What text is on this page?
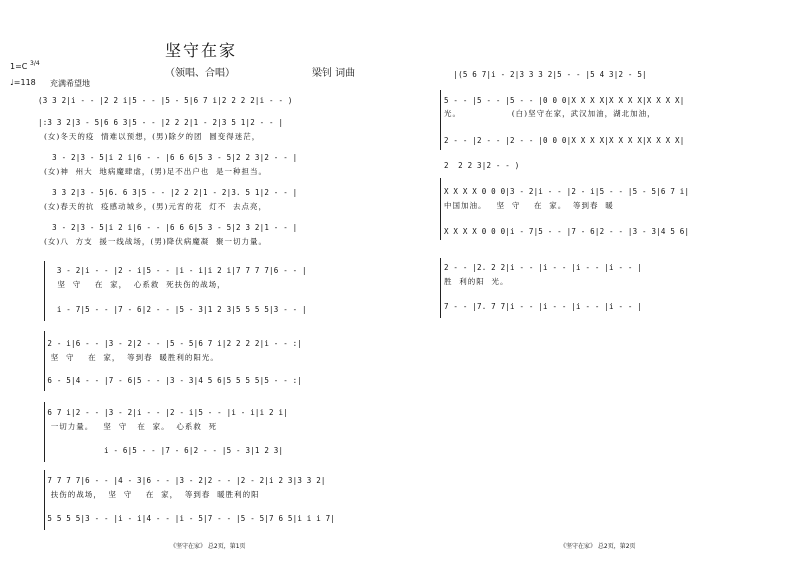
坚守在家
（领唱、合唱）	梁钊 词曲
1=C 3/4
♩=118 充满希望地
(3 3 2|i - - |2 2 i|5 - - |5 - 5|6 7 i|2 2 2 2|i - - )
|:3 3 2|3 - 5|6 6 3|5 - - |2 2 2|1 - 2|3 5 1|2 - - |
(女)冬天的疫  情难以预想，(男)除夕的团  圆变得迷茫，
3 - 2|3 - 5|i 2 i|6 - - |6 6 6|5 3 - 5|2 2 3|2 - - |
(女)神  州大  地病魔肆虐，(男)足不出户也  是一种担当。
3 3 2|3 - 5|6. 6 3|5 - - |2 2 2|1 - 2|3. 5 1|2 - - |
(女)春天的抗  疫感动城乡，(男)元宵的花  灯不  去点亮，
3 - 2|3 - 5|i 2 i|6 - - |6 6 6|5 3 - 5|2 3 2|1 - - |
(女)八  方支  援一线战场，(男)降伏病魔凝  聚一切力量。
3 - 2|i - - |2 - i|5 - - |i - i|i 2 i|7 7 7 7|6 - - |
坚  守    在  家，  心系救  死扶伤的战场，
i - 7|5 - - |7 - 6|2 - - |5 - 3|1 2 3|5 5 5 5|3 - - |
2 - i|6 - - |3 - 2|2 - - |5 - 5|6 7 i|2 2 2 2|i - - :|
坚  守    在  家，  等到春  暖胜利的阳光。
6 - 5|4 - - |7 - 6|5 - - |3 - 3|4 5 6|5 5 5 5|5 - - :|
6 7 i|2 - - |3 - 2|i - - |2 - i|5 - - |i - i|i 2 i|
一切力量。   坚  守   在  家。  心系救  死
i - 6|5 - - |7 - 6|2 - - |5 - 3|1 2 3|
7 7 7 7|6 - - |4 - 3|6 - - |3 - 2|2 - - |2 - 2|i 2 3|3 3 2|
扶伤的战场，  坚  守    在  家，  等到春  暖胜利的阳
5 5 5 5|3 - - |i - i|4 - - |i - 5|7 - - |5 - 5|7 6 5|i i i 7|
《坚守在家》 总2页，第1页
|(5 6 7|i - 2|3 3 3 2|5 - - |5 4 3|2 - 5|
5 - - |5 - - |5 - - |0 0 0|X X X X|X X X X|X X X X|
光。               (白)坚守在家，武汉加油，湖北加油，
2 - - |2 - - |2 - - |0 0 0|X X X X|X X X X|X X X X|
2  2 2 3|2 - - )
X X X X 0 0 0|3 - 2|i - - |2 - i|5 - - |5 - 5|6 7 i|
中国加油。   坚  守    在  家。  等到春  暖
X X X X 0 0 0|i - 7|5 - - |7 - 6|2 - - |3 - 3|4 5 6|
2 - - |2. 2 2|i - - |i - - |i - - |i - - |
胜  利的阳  光。
7 - - |7. 7 7|i - - |i - - |i - - |i - - |
《坚守在家》 总2页，第2页
